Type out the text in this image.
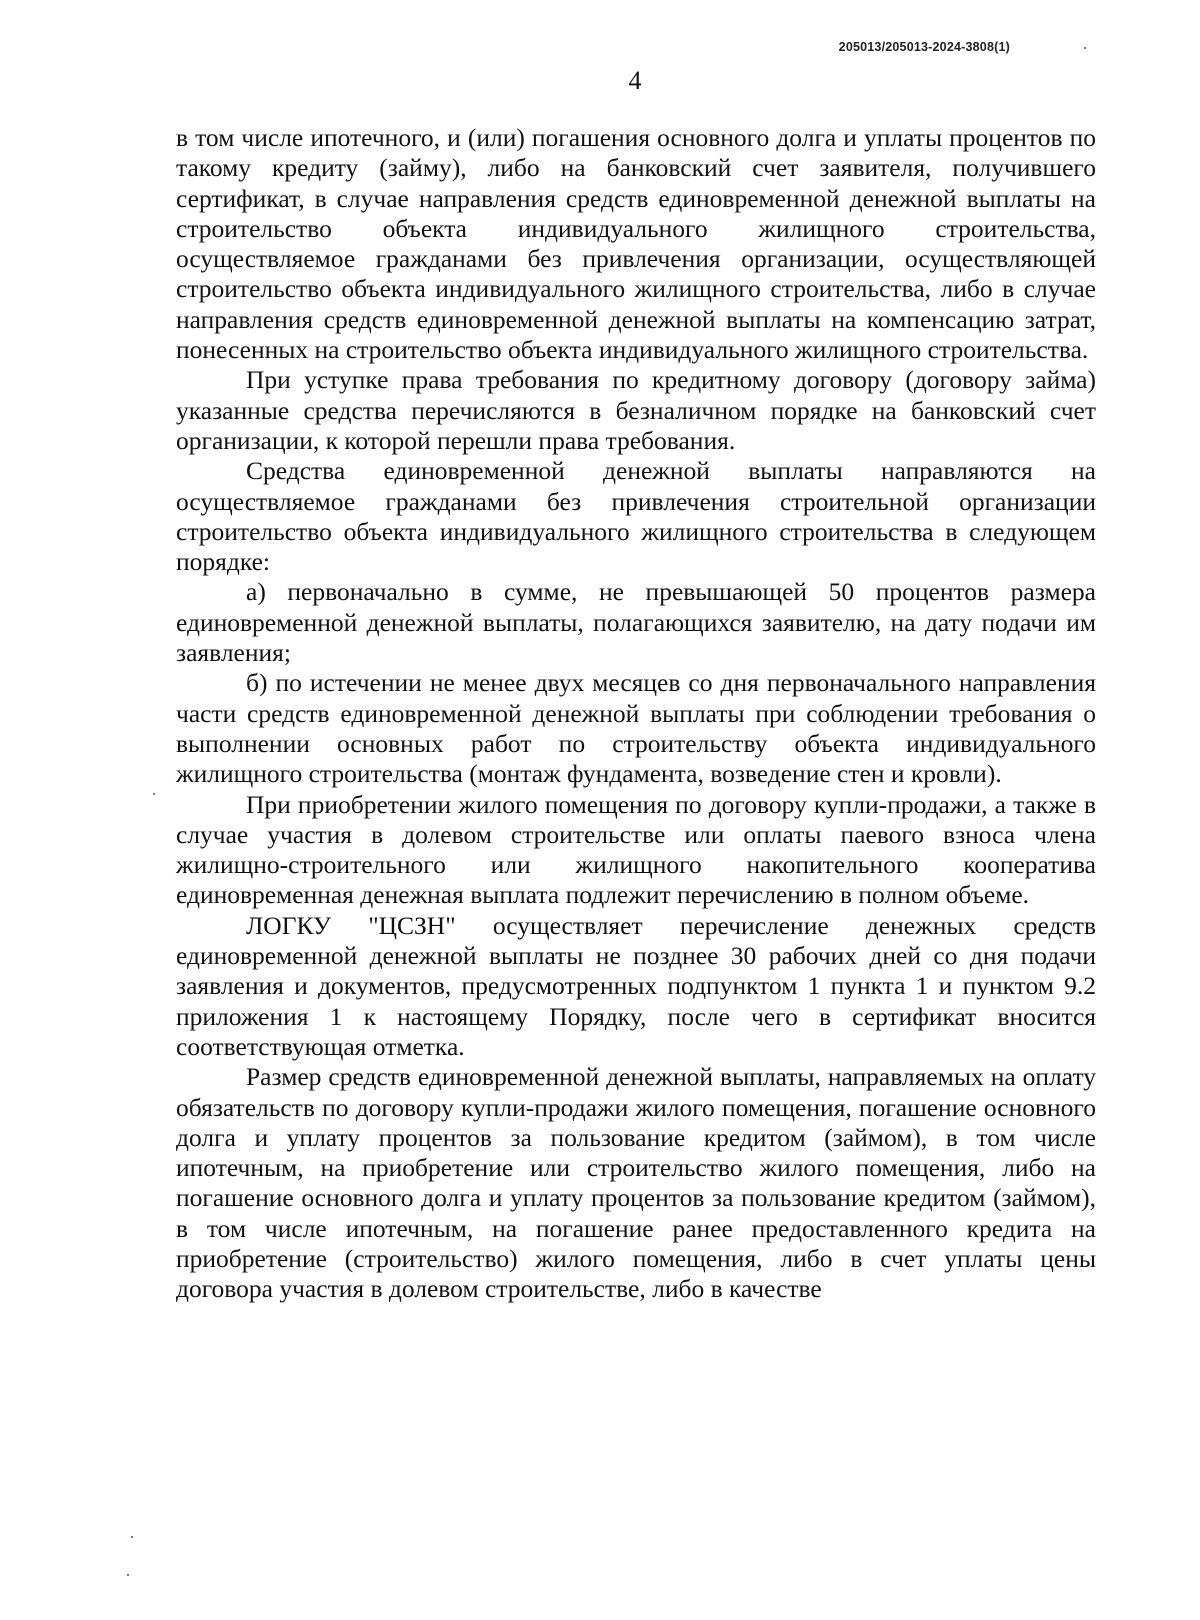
205013/205013-2024-3808(1)
4

в том числе ипотечного, и (или) погашения основного долга и уплаты процентов по такому кредиту (займу), либо на банковский счет заявителя, получившего сертификат, в случае направления средств единовременной денежной выплаты на строительство объекта индивидуального жилищного строительства, осуществляемое гражданами без привлечения организации, осуществляющей строительство объекта индивидуального жилищного строительства, либо в случае направления средств единовременной денежной выплаты на компенсацию затрат, понесенных на строительство объекта индивидуального жилищного строительства.

При уступке права требования по кредитному договору (договору займа) указанные средства перечисляются в безналичном порядке на банковский счет организации, к которой перешли права требования.

Средства единовременной денежной выплаты направляются на осуществляемое гражданами без привлечения строительной организации строительство объекта индивидуального жилищного строительства в следующем порядке:

а) первоначально в сумме, не превышающей 50 процентов размера единовременной денежной выплаты, полагающихся заявителю, на дату подачи им заявления;

б) по истечении не менее двух месяцев со дня первоначального направления части средств единовременной денежной выплаты при соблюдении требования о выполнении основных работ по строительству объекта индивидуального жилищного строительства (монтаж фундамента, возведение стен и кровли).

При приобретении жилого помещения по договору купли-продажи, а также в случае участия в долевом строительстве или оплаты паевого взноса члена жилищно-строительного или жилищного накопительного кооператива единовременная денежная выплата подлежит перечислению в полном объеме.

ЛОГКУ "ЦСЗН" осуществляет перечисление денежных средств единовременной денежной выплаты не позднее 30 рабочих дней со дня подачи заявления и документов, предусмотренных подпунктом 1 пункта 1 и пунктом 9.2 приложения 1 к настоящему Порядку, после чего в сертификат вносится соответствующая отметка.

Размер средств единовременной денежной выплаты, направляемых на оплату обязательств по договору купли-продажи жилого помещения, погашение основного долга и уплату процентов за пользование кредитом (займом), в том числе ипотечным, на приобретение или строительство жилого помещения, либо на погашение основного долга и уплату процентов за пользование кредитом (займом), в том числе ипотечным, на погашение ранее предоставленного кредита на приобретение (строительство) жилого помещения, либо в счет уплаты цены договора участия в долевом строительстве, либо в качестве
